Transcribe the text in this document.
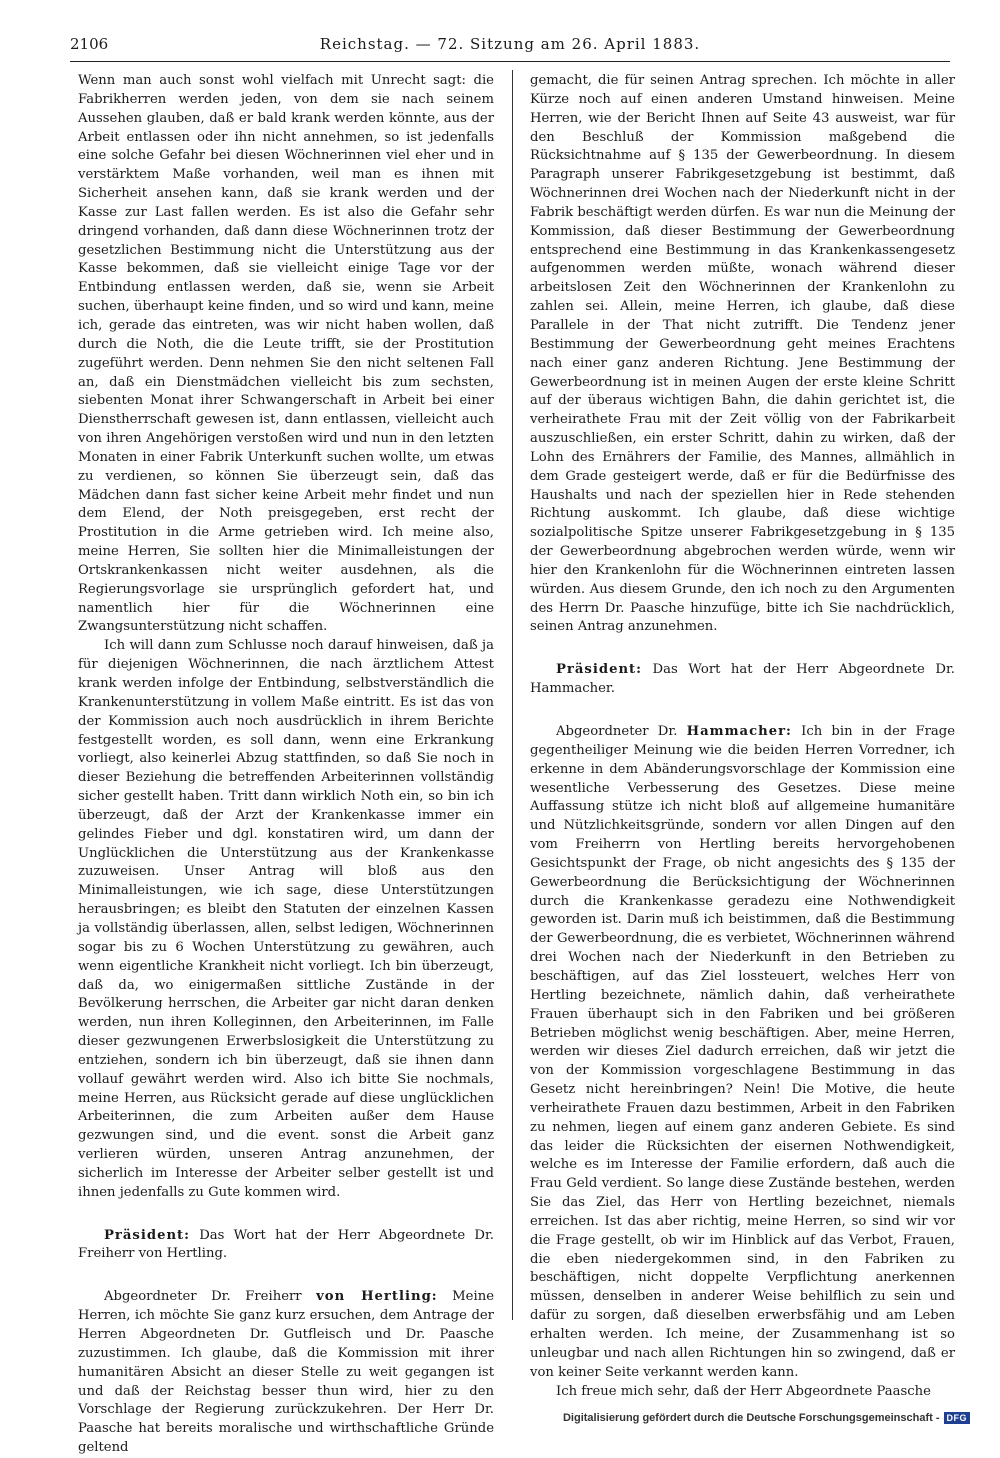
2106	Reichstag. — 72. Sitzung am 26. April 1883.

Wenn man auch sonst wohl vielfach mit Unrecht sagt: die Fabrikherren werden jeden, von dem sie nach seinem Aussehen glauben, daß er bald krank werden könnte, aus der Arbeit entlassen oder ihn nicht annehmen, so ist jedenfalls eine solche Gefahr bei diesen Wöchnerinnen viel eher und in verstärktem Maße vorhanden, weil man es ihnen mit Sicherheit ansehen kann, daß sie krank werden und der Kasse zur Last fallen werden. Es ist also die Gefahr sehr dringend vorhanden, daß dann diese Wöchnerinnen trotz der gesetzlichen Bestimmung nicht die Unterstützung aus der Kasse bekommen, daß sie vielleicht einige Tage vor der Entbindung entlassen werden, daß sie, wenn sie Arbeit suchen, überhaupt keine finden, und so wird und kann, meine ich, gerade das eintreten, was wir nicht haben wollen, daß durch die Noth, die die Leute trifft, sie der Prostitution zugeführt werden. Denn nehmen Sie den nicht seltenen Fall an, daß ein Dienstmädchen vielleicht bis zum sechsten, siebenten Monat ihrer Schwangerschaft in Arbeit bei einer Dienstherrschaft gewesen ist, dann entlassen, vielleicht auch von ihren Angehörigen verstoßen wird und nun in den letzten Monaten in einer Fabrik Unterkunft suchen wollte, um etwas zu verdienen, so können Sie überzeugt sein, daß das Mädchen dann fast sicher keine Arbeit mehr findet und nun dem Elend, der Noth preisgegeben, erst recht der Prostitution in die Arme getrieben wird. Ich meine also, meine Herren, Sie sollten hier die Minimalleistungen der Ortskrankenkassen nicht weiter ausdehnen, als die Regierungsvorlage sie ursprünglich gefordert hat, und namentlich hier für die Wöchnerinnen eine Zwangsunterstützung nicht schaffen.

Ich will dann zum Schlusse noch darauf hinweisen, daß ja für diejenigen Wöchnerinnen, die nach ärztlichem Attest krank werden infolge der Entbindung, selbstverständlich die Krankenunterstützung in vollem Maße eintritt. Es ist das von der Kommission auch noch ausdrücklich in ihrem Berichte festgestellt worden, es soll dann, wenn eine Erkrankung vorliegt, also keinerlei Abzug stattfinden, so daß Sie noch in dieser Beziehung die betreffenden Arbeiterinnen vollständig sicher gestellt haben. Tritt dann wirklich Noth ein, so bin ich überzeugt, daß der Arzt der Krankenkasse immer ein gelindes Fieber und dgl. konstatiren wird, um dann der Unglücklichen die Unterstützung aus der Krankenkasse zuzuweisen. Unser Antrag will bloß aus den Minimalleistungen, wie ich sage, diese Unterstützungen herausbringen; es bleibt den Statuten der einzelnen Kassen ja vollständig überlassen, allen, selbst ledigen, Wöchnerinnen sogar bis zu 6 Wochen Unterstützung zu gewähren, auch wenn eigentliche Krankheit nicht vorliegt. Ich bin überzeugt, daß da, wo einigermaßen sittliche Zustände in der Bevölkerung herrschen, die Arbeiter gar nicht daran denken werden, nun ihren Kolleginnen, den Arbeiterinnen, im Falle dieser gezwungenen Erwerbslosigkeit die Unterstützung zu entziehen, sondern ich bin überzeugt, daß sie ihnen dann vollauf gewährt werden wird. Also ich bitte Sie nochmals, meine Herren, aus Rücksicht gerade auf diese unglücklichen Arbeiterinnen, die zum Arbeiten außer dem Hause gezwungen sind, und die event. sonst die Arbeit ganz verlieren würden, unseren Antrag anzunehmen, der sicherlich im Interesse der Arbeiter selber gestellt ist und ihnen jedenfalls zu Gute kommen wird.

Präsident: Das Wort hat der Herr Abgeordnete Dr. Freiherr von Hertling.

Abgeordneter Dr. Freiherr von Hertling: Meine Herren, ich möchte Sie ganz kurz ersuchen, dem Antrage der Herren Abgeordneten Dr. Gutfleisch und Dr. Paasche zuzustimmen. Ich glaube, daß die Kommission mit ihrer humanitären Absicht an dieser Stelle zu weit gegangen ist und daß der Reichstag besser thun wird, hier zu den Vorschlage der Regierung zurückzukehren. Der Herr Dr. Paasche hat bereits moralische und wirthschaftliche Gründe geltend

gemacht, die für seinen Antrag sprechen. Ich möchte in aller Kürze noch auf einen anderen Umstand hinweisen. Meine Herren, wie der Bericht Ihnen auf Seite 43 ausweist, war für den Beschluß der Kommission maßgebend die Rücksichtnahme auf § 135 der Gewerbeordnung. In diesem Paragraph unserer Fabrikgesetzgebung ist bestimmt, daß Wöchnerinnen drei Wochen nach der Niederkunft nicht in der Fabrik beschäftigt werden dürfen. Es war nun die Meinung der Kommission, daß dieser Bestimmung der Gewerbeordnung entsprechend eine Bestimmung in das Krankenkassengesetz aufgenommen werden müßte, wonach während dieser arbeitslosen Zeit den Wöchnerinnen der Krankenlohn zu zahlen sei. Allein, meine Herren, ich glaube, daß diese Parallele in der That nicht zutrifft. Die Tendenz jener Bestimmung der Gewerbeordnung geht meines Erachtens nach einer ganz anderen Richtung. Jene Bestimmung der Gewerbeordnung ist in meinen Augen der erste kleine Schritt auf der überaus wichtigen Bahn, die dahin gerichtet ist, die verheirathete Frau mit der Zeit völlig von der Fabrikarbeit auszuschließen, ein erster Schritt, dahin zu wirken, daß der Lohn des Ernährers der Familie, des Mannes, allmählich in dem Grade gesteigert werde, daß er für die Bedürfnisse des Haushalts und nach der speziellen hier in Rede stehenden Richtung auskommt. Ich glaube, daß diese wichtige sozialpolitische Spitze unserer Fabrikgesetzgebung in § 135 der Gewerbeordnung abgebrochen werden würde, wenn wir hier den Krankenlohn für die Wöchnerinnen eintreten lassen würden. Aus diesem Grunde, den ich noch zu den Argumenten des Herrn Dr. Paasche hinzufüge, bitte ich Sie nachdrücklich, seinen Antrag anzunehmen.

Präsident: Das Wort hat der Herr Abgeordnete Dr. Hammacher.

Abgeordneter Dr. Hammacher: Ich bin in der Frage gegentheiliger Meinung wie die beiden Herren Vorredner, ich erkenne in dem Abänderungsvorschlage der Kommission eine wesentliche Verbesserung des Gesetzes. Diese meine Auffassung stütze ich nicht bloß auf allgemeine humanitäre und Nützlichkeitsgründe, sondern vor allen Dingen auf den vom Freiherrn von Hertling bereits hervorgehobenen Gesichtspunkt der Frage, ob nicht angesichts des § 135 der Gewerbeordnung die Berücksichtigung der Wöchnerinnen durch die Krankenkasse geradezu eine Nothwendigkeit geworden ist. Darin muß ich beistimmen, daß die Bestimmung der Gewerbeordnung, die es verbietet, Wöchnerinnen während drei Wochen nach der Niederkunft in den Betrieben zu beschäftigen, auf das Ziel lossteuert, welches Herr von Hertling bezeichnete, nämlich dahin, daß verheirathete Frauen überhaupt sich in den Fabriken und bei größeren Betrieben möglichst wenig beschäftigen. Aber, meine Herren, werden wir dieses Ziel dadurch erreichen, daß wir jetzt die von der Kommission vorgeschlagene Bestimmung in das Gesetz nicht hereinbringen? Nein! Die Motive, die heute verheirathete Frauen dazu bestimmen, Arbeit in den Fabriken zu nehmen, liegen auf einem ganz anderen Gebiete. Es sind das leider die Rücksichten der eisernen Nothwendigkeit, welche es im Interesse der Familie erfordern, daß auch die Frau Geld verdient. So lange diese Zustände bestehen, werden Sie das Ziel, das Herr von Hertling bezeichnet, niemals erreichen. Ist das aber richtig, meine Herren, so sind wir vor die Frage gestellt, ob wir im Hinblick auf das Verbot, Frauen, die eben niedergekommen sind, in den Fabriken zu beschäftigen, nicht doppelte Verpflichtung anerkennen müssen, denselben in anderer Weise behilflich zu sein und dafür zu sorgen, daß dieselben erwerbsfähig und am Leben erhalten werden. Ich meine, der Zusammenhang ist so unleugbar und nach allen Richtungen hin so zwingend, daß er von keiner Seite verkannt werden kann.

Ich freue mich sehr, daß der Herr Abgeordnete Paasche

Digitalisierung gefördert durch die Deutsche Forschungsgemeinschaft - DFG
